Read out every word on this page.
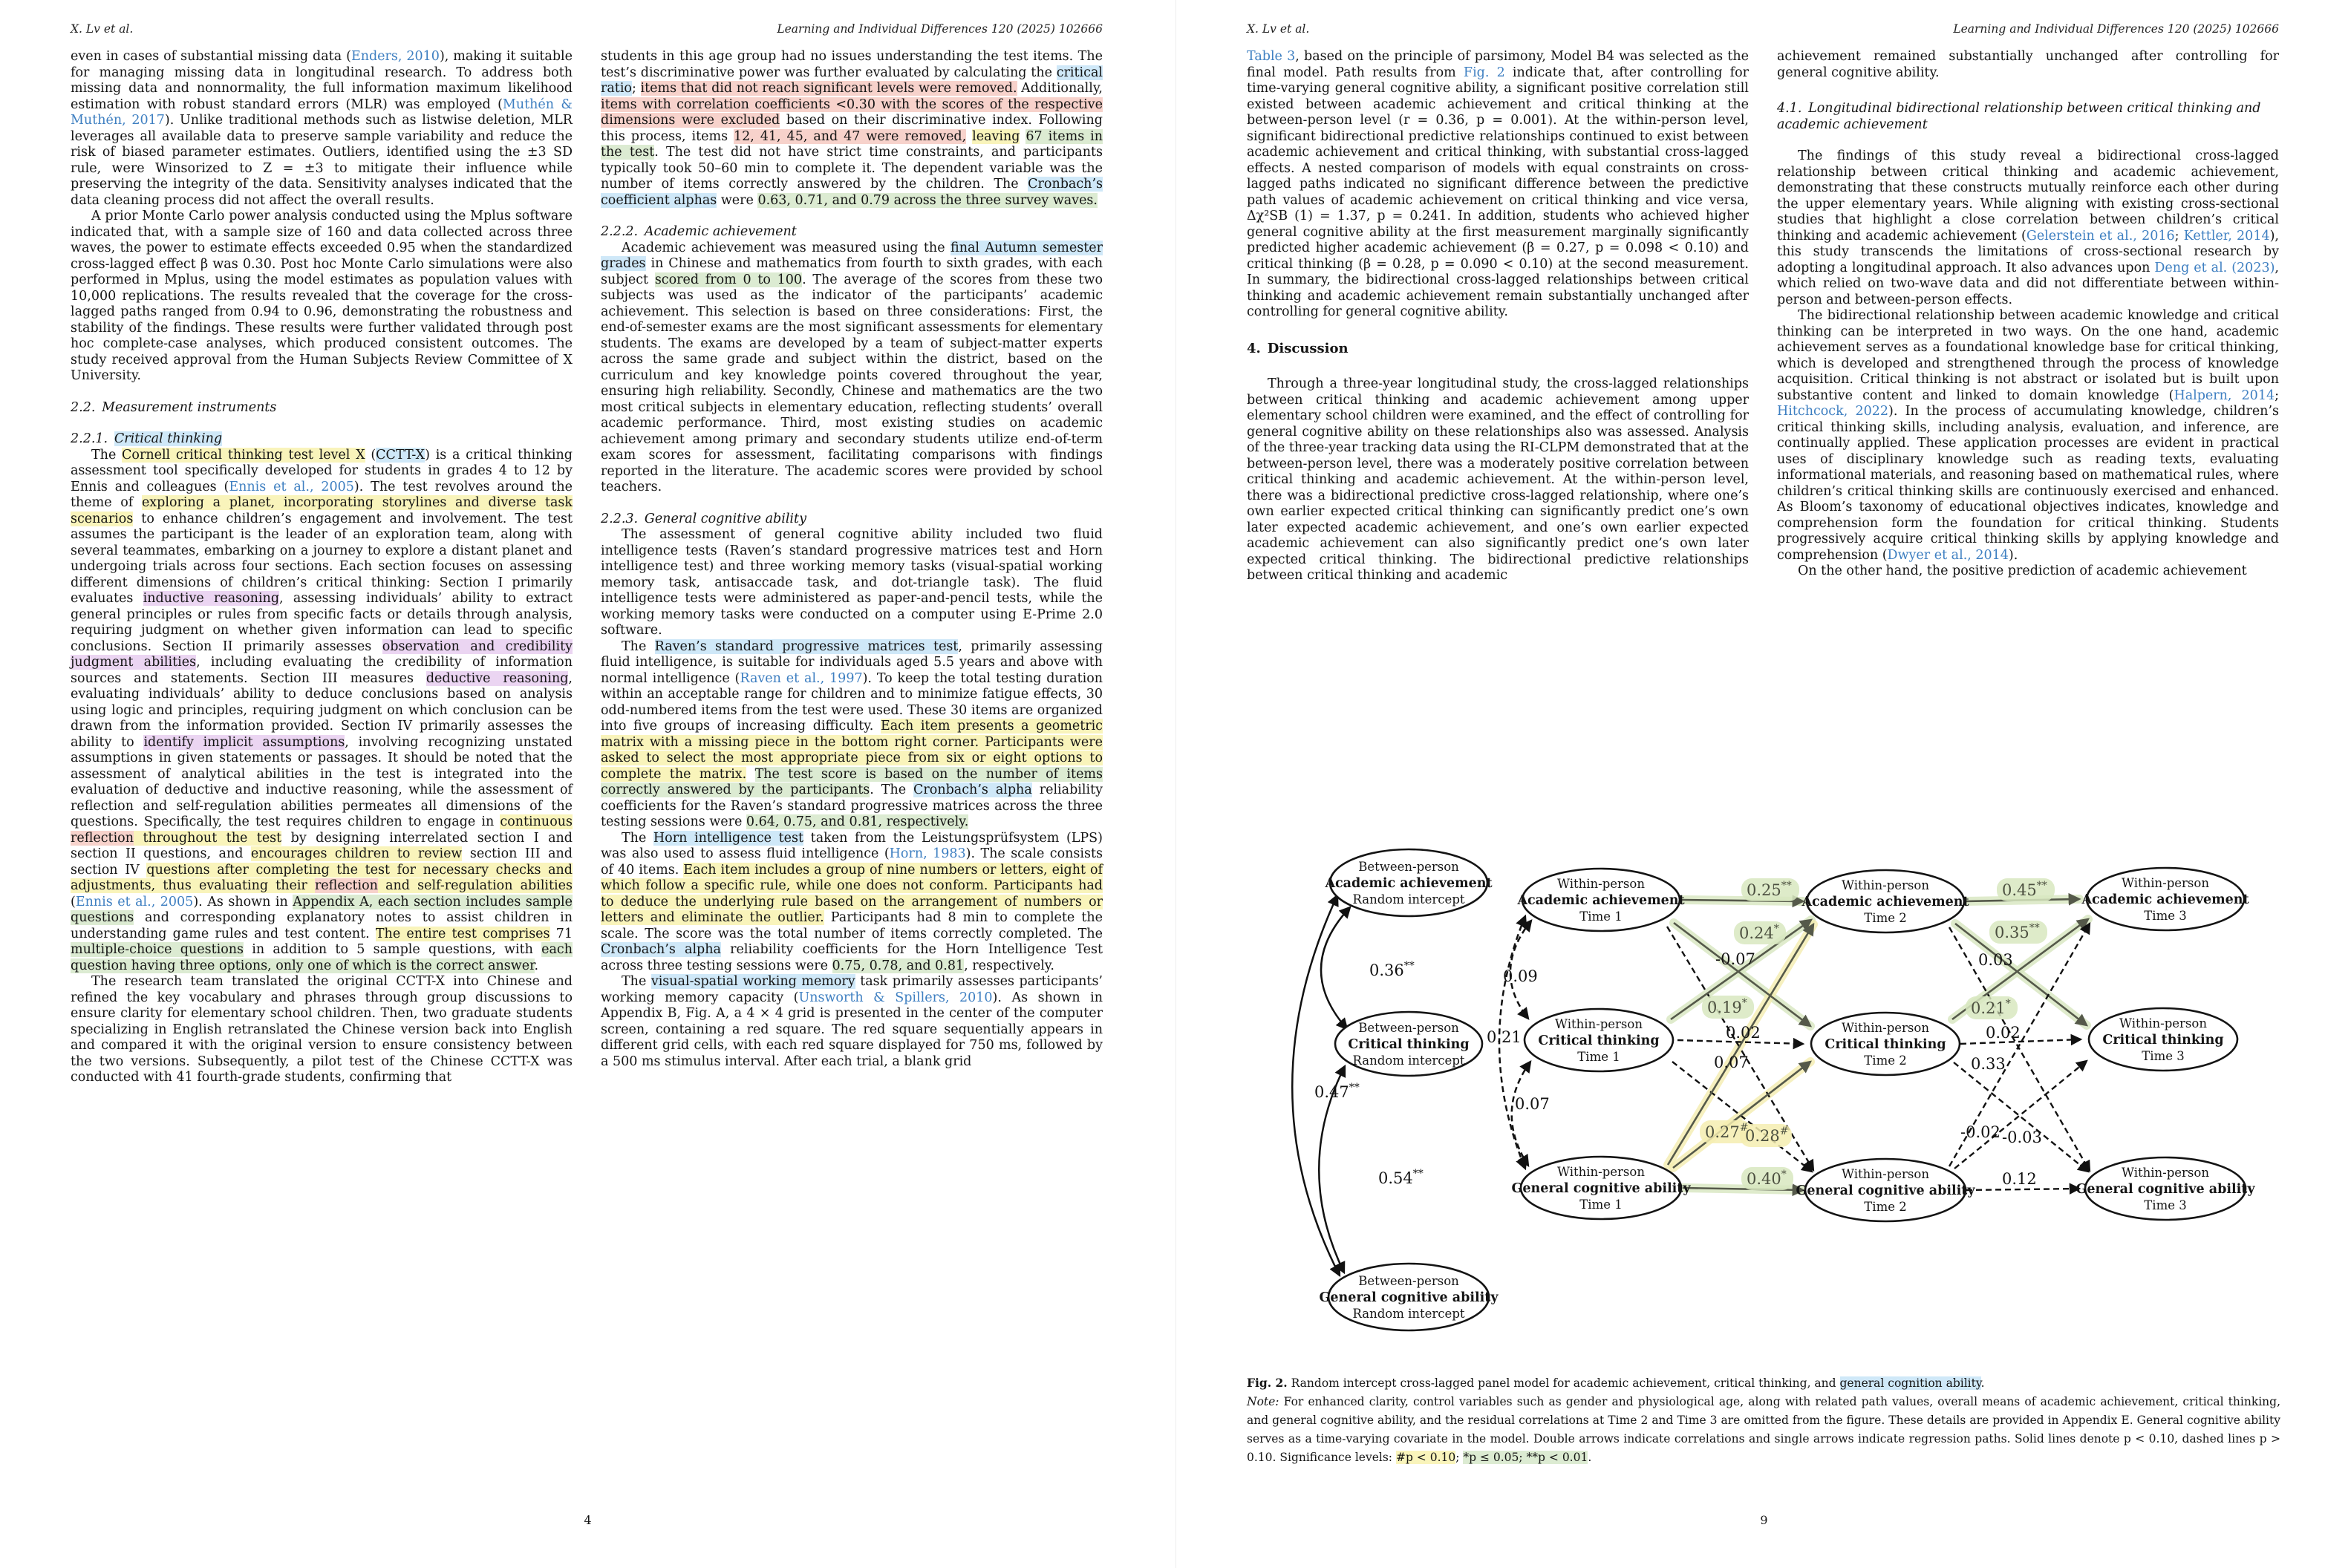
X. Lv et al.	Learning and Individual Differences 120 (2025) 102666
even in cases of substantial missing data (Enders, 2010), making it suitable for managing missing data in longitudinal research. To address both missing data and nonnormality, the full information maximum likelihood estimation with robust standard errors (MLR) was employed (Muthén & Muthén, 2017). Unlike traditional methods such as listwise deletion, MLR leverages all available data to preserve sample variability and reduce the risk of biased parameter estimates. Outliers, identified using the ±3 SD rule, were Winsorized to Z = ±3 to mitigate their influence while preserving the integrity of the data. Sensitivity analyses indicated that the data cleaning process did not affect the overall results.
A prior Monte Carlo power analysis conducted using the Mplus software indicated that, with a sample size of 160 and data collected across three waves, the power to estimate effects exceeded 0.95 when the standardized cross-lagged effect β was 0.30. Post hoc Monte Carlo simulations were also performed in Mplus, using the model estimates as population values with 10,000 replications. The results revealed that the coverage for the cross-lagged paths ranged from 0.94 to 0.96, demonstrating the robustness and stability of the findings. These results were further validated through post hoc complete-case analyses, which produced consistent outcomes. The study received approval from the Human Subjects Review Committee of X University.
2.2. Measurement instruments
2.2.1. Critical thinking
The Cornell critical thinking test level X (CCTT-X) is a critical thinking assessment tool specifically developed for students in grades 4 to 12 by Ennis and colleagues (Ennis et al., 2005). The test revolves around the theme of exploring a planet, incorporating storylines and diverse task scenarios to enhance children’s engagement and involvement. The test assumes the participant is the leader of an exploration team, along with several teammates, embarking on a journey to explore a distant planet and undergoing trials across four sections. Each section focuses on assessing different dimensions of children’s critical thinking: Section I primarily evaluates inductive reasoning, assessing individuals’ ability to extract general principles or rules from specific facts or details through analysis, requiring judgment on whether given information can lead to specific conclusions. Section II primarily assesses observation and credibility judgment abilities, including evaluating the credibility of information sources and statements. Section III measures deductive reasoning, evaluating individuals’ ability to deduce conclusions based on analysis using logic and principles, requiring judgment on which conclusion can be drawn from the information provided. Section IV primarily assesses the ability to identify implicit assumptions, involving recognizing unstated assumptions in given statements or passages. It should be noted that the assessment of analytical abilities in the test is integrated into the evaluation of deductive and inductive reasoning, while the assessment of reflection and self-regulation abilities permeates all dimensions of the questions. Specifically, the test requires children to engage in continuous reflection throughout the test by designing interrelated section I and section II questions, and encourages children to review section III and section IV questions after completing the test for necessary checks and adjustments, thus evaluating their reflection and self-regulation abilities (Ennis et al., 2005). As shown in Appendix A, each section includes sample questions and corresponding explanatory notes to assist children in understanding game rules and test content. The entire test comprises 71 multiple-choice questions in addition to 5 sample questions, with each question having three options, only one of which is the correct answer.
The research team translated the original CCTT-X into Chinese and refined the key vocabulary and phrases through group discussions to ensure clarity for elementary school children. Then, two graduate students specializing in English retranslated the Chinese version back into English and compared it with the original version to ensure consistency between the two versions. Subsequently, a pilot test of the Chinese CCTT-X was conducted with 41 fourth-grade students, confirming that
students in this age group had no issues understanding the test items. The test’s discriminative power was further evaluated by calculating the critical ratio; items that did not reach significant levels were removed. Additionally, items with correlation coefficients <0.30 with the scores of the respective dimensions were excluded based on their discriminative index. Following this process, items 12, 41, 45, and 47 were removed, leaving 67 items in the test. The test did not have strict time constraints, and participants typically took 50–60 min to complete it. The dependent variable was the number of items correctly answered by the children. The Cronbach’s coefficient alphas were 0.63, 0.71, and 0.79 across the three survey waves.
2.2.2. Academic achievement
Academic achievement was measured using the final Autumn semester grades in Chinese and mathematics from fourth to sixth grades, with each subject scored from 0 to 100. The average of the scores from these two subjects was used as the indicator of the participants’ academic achievement. This selection is based on three considerations: First, the end-of-semester exams are the most significant assessments for elementary students. The exams are developed by a team of subject-matter experts across the same grade and subject within the district, based on the curriculum and key knowledge points covered throughout the year, ensuring high reliability. Secondly, Chinese and mathematics are the two most critical subjects in elementary education, reflecting students’ overall academic performance. Third, most existing studies on academic achievement among primary and secondary students utilize end-of-term exam scores for assessment, facilitating comparisons with findings reported in the literature. The academic scores were provided by school teachers.
2.2.3. General cognitive ability
The assessment of general cognitive ability included two fluid intelligence tests (Raven’s standard progressive matrices test and Horn intelligence test) and three working memory tasks (visual-spatial working memory task, antisaccade task, and dot-triangle task). The fluid intelligence tests were administered as paper-and-pencil tests, while the working memory tasks were conducted on a computer using E-Prime 2.0 software.
The Raven’s standard progressive matrices test, primarily assessing fluid intelligence, is suitable for individuals aged 5.5 years and above with normal intelligence (Raven et al., 1997). To keep the total testing duration within an acceptable range for children and to minimize fatigue effects, 30 odd-numbered items from the test were used. These 30 items are organized into five groups of increasing difficulty. Each item presents a geometric matrix with a missing piece in the bottom right corner. Participants were asked to select the most appropriate piece from six or eight options to complete the matrix. The test score is based on the number of items correctly answered by the participants. The Cronbach’s alpha reliability coefficients for the Raven’s standard progressive matrices across the three testing sessions were 0.64, 0.75, and 0.81, respectively.
The Horn intelligence test taken from the Leistungsprüfsystem (LPS) was also used to assess fluid intelligence (Horn, 1983). The scale consists of 40 items. Each item includes a group of nine numbers or letters, eight of which follow a specific rule, while one does not conform. Participants had to deduce the underlying rule based on the arrangement of numbers or letters and eliminate the outlier. Participants had 8 min to complete the scale. The score was the total number of items correctly completed. The Cronbach’s alpha reliability coefficients for the Horn Intelligence Test across three testing sessions were 0.75, 0.78, and 0.81, respectively.
The visual-spatial working memory task primarily assesses participants’ working memory capacity (Unsworth & Spillers, 2010). As shown in Appendix B, Fig. A, a 4 × 4 grid is presented in the center of the computer screen, containing a red square. The red square sequentially appears in different grid cells, with each red square displayed for 750 ms, followed by a 500 ms stimulus interval. After each trial, a blank grid
4
X. Lv et al.	Learning and Individual Differences 120 (2025) 102666
Table 3, based on the principle of parsimony, Model B4 was selected as the final model. Path results from Fig. 2 indicate that, after controlling for time-varying general cognitive ability, a significant positive correlation still existed between academic achievement and critical thinking at the between-person level (r = 0.36, p = 0.001). At the within-person level, significant bidirectional predictive relationships continued to exist between academic achievement and critical thinking, with substantial cross-lagged effects. A nested comparison of models with equal constraints on cross-lagged paths indicated no significant difference between the predictive path values of academic achievement on critical thinking and vice versa, Δχ²SB (1) = 1.37, p = 0.241. In addition, students who achieved higher general cognitive ability at the first measurement marginally significantly predicted higher academic achievement (β = 0.27, p = 0.098 < 0.10) and critical thinking (β = 0.28, p = 0.090 < 0.10) at the second measurement. In summary, the bidirectional cross-lagged relationships between critical thinking and academic achievement remain substantially unchanged after controlling for general cognitive ability.
4. Discussion
Through a three-year longitudinal study, the cross-lagged relationships between critical thinking and academic achievement among upper elementary school children were examined, and the effect of controlling for general cognitive ability on these relationships also was assessed. Analysis of the three-year tracking data using the RI-CLPM demonstrated that at the between-person level, there was a moderately positive correlation between critical thinking and academic achievement. At the within-person level, there was a bidirectional predictive cross-lagged relationship, where one’s own earlier expected critical thinking can significantly predict one’s own later expected academic achievement, and one’s own earlier expected academic achievement can also significantly predict one’s own later expected critical thinking. The bidirectional predictive relationships between critical thinking and academic
achievement remained substantially unchanged after controlling for general cognitive ability.
4.1. Longitudinal bidirectional relationship between critical thinking and academic achievement
The findings of this study reveal a bidirectional cross-lagged relationship between critical thinking and academic achievement, demonstrating that these constructs mutually reinforce each other during the upper elementary years. While aligning with existing cross-sectional studies that highlight a close correlation between children’s critical thinking and academic achievement (Gelerstein et al., 2016; Kettler, 2014), this study transcends the limitations of cross-sectional research by adopting a longitudinal approach. It also advances upon Deng et al. (2023), which relied on two-wave data and did not differentiate between within-person and between-person effects.
The bidirectional relationship between academic knowledge and critical thinking can be interpreted in two ways. On the one hand, academic achievement serves as a foundational knowledge base for critical thinking, which is developed and strengthened through the process of knowledge acquisition. Critical thinking is not abstract or isolated but is built upon substantive content and linked to domain knowledge (Halpern, 2014; Hitchcock, 2022). In the process of accumulating knowledge, children’s critical thinking skills, including analysis, evaluation, and inference, are continually applied. These application processes are evident in practical uses of disciplinary knowledge such as reading texts, evaluating informational materials, and reasoning based on mathematical rules, where children’s critical thinking skills are continuously exercised and enhanced. As Bloom’s taxonomy of educational objectives indicates, knowledge and comprehension form the foundation for critical thinking. Students progressively acquire critical thinking skills by applying knowledge and comprehension (Dwyer et al., 2014).
On the other hand, the positive prediction of academic achievement
0.36**
0.47**
0.54**
0.09
0.21
0.07
0.25**
0.24*
-0.07
0.19*
0.02
0.07
0.27#
0.28#
0.40*
0.45**
0.35**
0.03
0.21*
0.02
0.33
-0.02 -0.03
0.12
Between-person
Academic achievement
Random intercept
Between-person
Critical thinking
Random intercept
Between-person
General cognitive ability
Random intercept
Within-person
Academic achievement
Time 1
Within-person
Critical thinking
Time 1
Within-person
General cognitive ability
Time 1
Within-person
Academic achievement
Time 2
Within-person
Critical thinking
Time 2
Within-person
General cognitive ability
Time 2
Within-person
Academic achievement
Time 3
Within-person
Critical thinking
Time 3
Within-person
General cognitive ability
Time 3
Fig. 2. Random intercept cross-lagged panel model for academic achievement, critical thinking, and general cognition ability.
Note: For enhanced clarity, control variables such as gender and physiological age, along with related path values, overall means of academic achievement, critical thinking, and general cognitive ability, and the residual correlations at Time 2 and Time 3 are omitted from the figure. These details are provided in Appendix E. General cognitive ability serves as a time-varying covariate in the model. Double arrows indicate correlations and single arrows indicate regression paths. Solid lines denote p < 0.10, dashed lines p > 0.10. Significance levels: #p < 0.10; *p ≤ 0.05; **p < 0.01.
9
